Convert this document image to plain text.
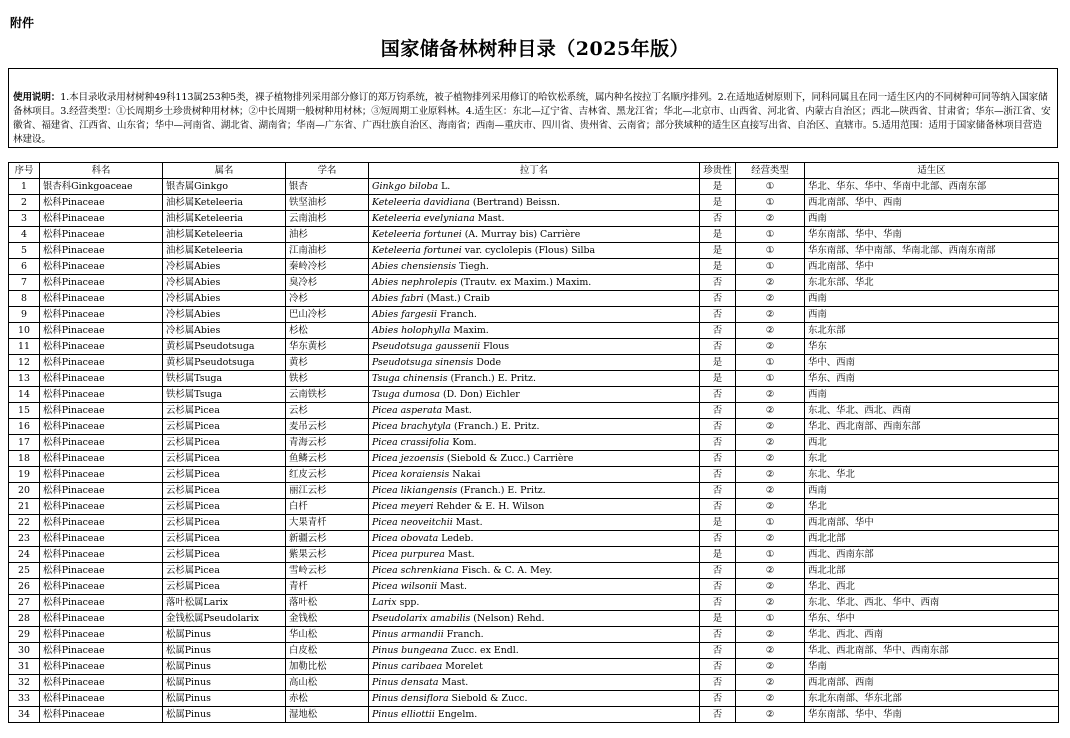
附件
国家储备林树种目录（2025年版）
使用说明：1.本目录收录用材树种49科113属253种5类，裸子植物排列采用部分修订的郑万钧系统，被子植物排列采用修订的哈钦松系统，属内种名按拉丁名顺序排列。2.在适地适树原则下，同科同属且在同一适生区内的不同树种可同等纳入国家储备林项目。3.经营类型：①长周期乡土珍贵树种用材林；②中长周期一般树种用材林；③短周期工业原料林。4.适生区：东北—辽宁省、吉林省、黑龙江省；华北—北京市、山西省、河北省、内蒙古自治区；西北—陕西省、甘肃省；华东—浙江省、安徽省、福建省、江西省、山东省；华中—河南省、湖北省、湖南省；华南—广东省、广西壮族自治区、海南省；西南—重庆市、四川省、贵州省、云南省；部分狭域种的适生区直接写出省、自治区、直辖市。5.适用范围：适用于国家储备林项目营造林建设。
序号	科名	属名	学名	拉丁名	珍贵性	经营类型	适生区
1	银杏科Ginkgoaceae	银杏属Ginkgo	银杏	Ginkgo biloba L.	是	①	华北、华东、华中、华南中北部、西南东部
2	松科Pinaceae	油杉属Keteleeria	铁坚油杉	Keteleeria davidiana (Bertrand) Beissn.	是	①	西北南部、华中、西南
3	松科Pinaceae	油杉属Keteleeria	云南油杉	Keteleeria evelyniana Mast.	否	②	西南
4	松科Pinaceae	油杉属Keteleeria	油杉	Keteleeria fortunei (A. Murray bis) Carrière	是	①	华东南部、华中、华南
5	松科Pinaceae	油杉属Keteleeria	江南油杉	Keteleeria fortunei var. cyclolepis (Flous) Silba	是	①	华东南部、华中南部、华南北部、西南东南部
6	松科Pinaceae	冷杉属Abies	秦岭冷杉	Abies chensiensis Tiegh.	是	①	西北南部、华中
7	松科Pinaceae	冷杉属Abies	臭冷杉	Abies nephrolepis (Trautv. ex Maxim.) Maxim.	否	②	东北东部、华北
8	松科Pinaceae	冷杉属Abies	冷杉	Abies fabri (Mast.) Craib	否	②	西南
9	松科Pinaceae	冷杉属Abies	巴山冷杉	Abies fargesii Franch.	否	②	西南
10	松科Pinaceae	冷杉属Abies	杉松	Abies holophylla Maxim.	否	②	东北东部
11	松科Pinaceae	黄杉属Pseudotsuga	华东黄杉	Pseudotsuga gaussenii Flous	否	②	华东
12	松科Pinaceae	黄杉属Pseudotsuga	黄杉	Pseudotsuga sinensis Dode	是	①	华中、西南
13	松科Pinaceae	铁杉属Tsuga	铁杉	Tsuga chinensis (Franch.) E. Pritz.	是	①	华东、西南
14	松科Pinaceae	铁杉属Tsuga	云南铁杉	Tsuga dumosa (D. Don) Eichler	否	②	西南
15	松科Pinaceae	云杉属Picea	云杉	Picea asperata Mast.	否	②	东北、华北、西北、西南
16	松科Pinaceae	云杉属Picea	麦吊云杉	Picea brachytyla (Franch.) E. Pritz.	否	②	华北、西北南部、西南东部
17	松科Pinaceae	云杉属Picea	青海云杉	Picea crassifolia Kom.	否	②	西北
18	松科Pinaceae	云杉属Picea	鱼鳞云杉	Picea jezoensis (Siebold & Zucc.) Carrière	否	②	东北
19	松科Pinaceae	云杉属Picea	红皮云杉	Picea koraiensis Nakai	否	②	东北、华北
20	松科Pinaceae	云杉属Picea	丽江云杉	Picea likiangensis (Franch.) E. Pritz.	否	②	西南
21	松科Pinaceae	云杉属Picea	白杄	Picea meyeri Rehder & E. H. Wilson	否	②	华北
22	松科Pinaceae	云杉属Picea	大果青杄	Picea neoveitchii Mast.	是	①	西北南部、华中
23	松科Pinaceae	云杉属Picea	新疆云杉	Picea obovata Ledeb.	否	②	西北北部
24	松科Pinaceae	云杉属Picea	紫果云杉	Picea purpurea Mast.	是	①	西北、西南东部
25	松科Pinaceae	云杉属Picea	雪岭云杉	Picea schrenkiana Fisch. & C. A. Mey.	否	②	西北北部
26	松科Pinaceae	云杉属Picea	青杄	Picea wilsonii Mast.	否	②	华北、西北
27	松科Pinaceae	落叶松属Larix	落叶松	Larix spp.	否	②	东北、华北、西北、华中、西南
28	松科Pinaceae	金钱松属Pseudolarix	金钱松	Pseudolarix amabilis (Nelson) Rehd.	是	①	华东、华中
29	松科Pinaceae	松属Pinus	华山松	Pinus armandii Franch.	否	②	华北、西北、西南
30	松科Pinaceae	松属Pinus	白皮松	Pinus bungeana Zucc. ex Endl.	否	②	华北、西北南部、华中、西南东部
31	松科Pinaceae	松属Pinus	加勒比松	Pinus caribaea Morelet	否	②	华南
32	松科Pinaceae	松属Pinus	高山松	Pinus densata Mast.	否	②	西北南部、西南
33	松科Pinaceae	松属Pinus	赤松	Pinus densiflora Siebold & Zucc.	否	②	东北东南部、华东北部
34	松科Pinaceae	松属Pinus	湿地松	Pinus elliottii Engelm.	否	②	华东南部、华中、华南
